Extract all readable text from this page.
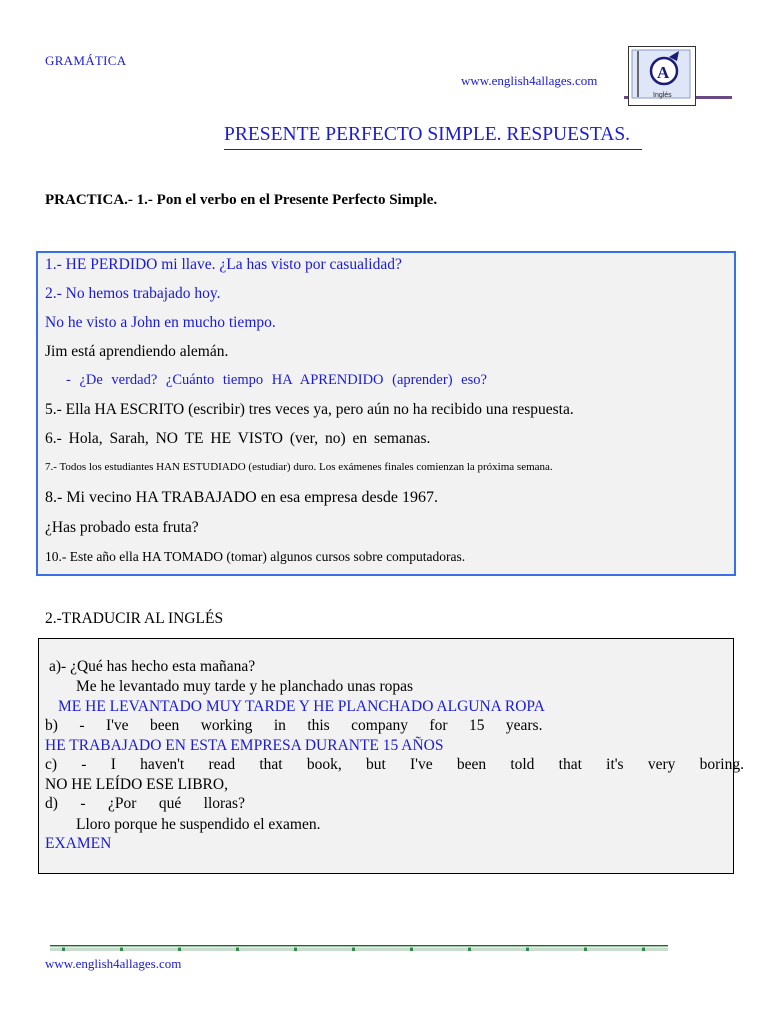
GRAMÁTICA
www.english4allages.com	A
Inglés
PRESENTE PERFECTO SIMPLE. RESPUESTAS.
PRACTICA.- 1.- Pon el verbo en el Presente Perfecto Simple.
1.- HE PERDIDO mi llave. ¿La has visto por casualidad?
2.- No hemos trabajado hoy.
No he visto a John en mucho tiempo.
Jim está aprendiendo alemán.
- ¿De verdad? ¿Cuánto tiempo HA APRENDIDO (aprender) eso?
5.- Ella HA ESCRITO (escribir) tres veces ya, pero aún no ha recibido una respuesta.
6.- Hola, Sarah, NO TE HE VISTO (ver, no) en semanas.
7.- Todos los estudiantes HAN ESTUDIADO (estudiar) duro. Los exámenes finales comienzan la próxima semana.
8.- Mi vecino HA TRABAJADO en esa empresa desde 1967.
¿Has probado esta fruta?
10.- Este año ella HA TOMADO (tomar) algunos cursos sobre computadoras.
2.-TRADUCIR AL INGLÉS
a)- ¿Qué has hecho esta mañana?
Me he levantado muy tarde y he planchado unas ropas
ME HE LEVANTADO MUY TARDE Y HE PLANCHADO ALGUNA ROPA
b) - I've been working in this company for 15 years.
HE TRABAJADO EN ESTA EMPRESA DURANTE 15 AÑOS
c) - I haven't read that book, but I've been told that it's very boring.
NO HE LEÍDO ESE LIBRO,
d) - ¿Por qué lloras?
Lloro porque he suspendido el examen.
EXAMEN
www.english4allages.com
